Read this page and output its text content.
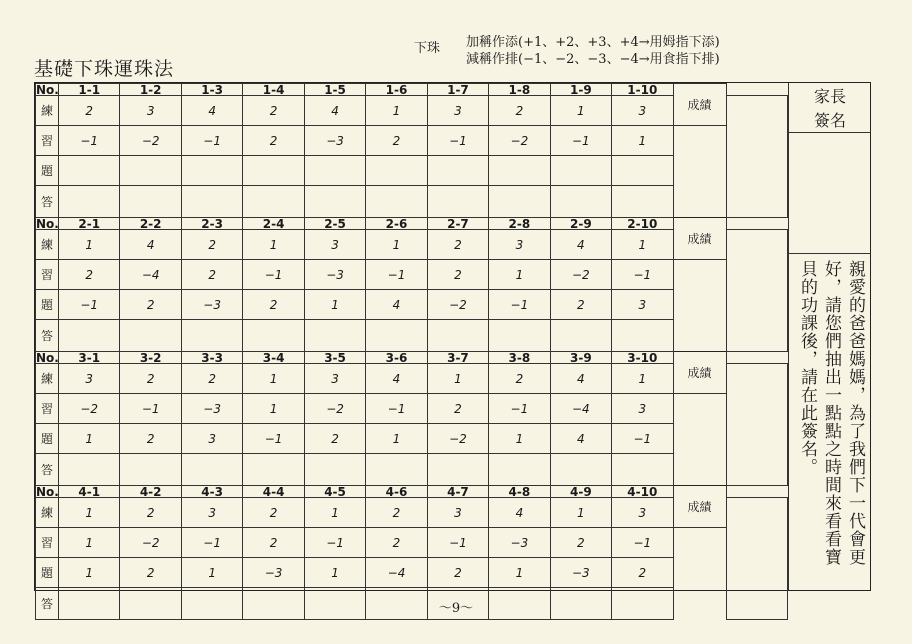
基礎下珠運珠法
下珠 加稱作添(+1、+2、+3、+4→用姆指下添)
減稱作排(−1、−2、−3、−4→用食指下排)
No.	1-1	1-2	1-3	1-4	1-5	1-6	1-7	1-8	1-9	1-10	成績	
練	2	3	4	2	4	1	3	2	1	3		
習	−1	−2	−1	2	−3	2	−1	−2	−1	1		
題												
答												
No.	2-1	2-2	2-3	2-4	2-5	2-6	2-7	2-8	2-9	2-10	成績	
練	1	4	2	1	3	1	2	3	4	1		
習	2	−4	2	−1	−3	−1	2	1	−2	−1		
題	−1	2	−3	2	1	4	−2	−1	2	3		
答												
No.	3-1	3-2	3-3	3-4	3-5	3-6	3-7	3-8	3-9	3-10	成績	
練	3	2	2	1	3	4	1	2	4	1		
習	−2	−1	−3	1	−2	−1	2	−1	−4	3		
題	1	2	3	−1	2	1	−2	1	4	−1		
答												
No.	4-1	4-2	4-3	4-4	4-5	4-6	4-7	4-8	4-9	4-10	成績	
練	1	2	3	2	1	2	3	4	1	3		
習	1	−2	−1	2	−1	2	−1	−3	2	−1		
題	1	2	1	−3	1	−4	2	1	−3	2		
答												
家長
簽名
親愛的爸爸媽媽，為了我們下一代會更好，請您們抽出一點點之時間來看看寶貝的功課後，請在此簽名。
～9～
